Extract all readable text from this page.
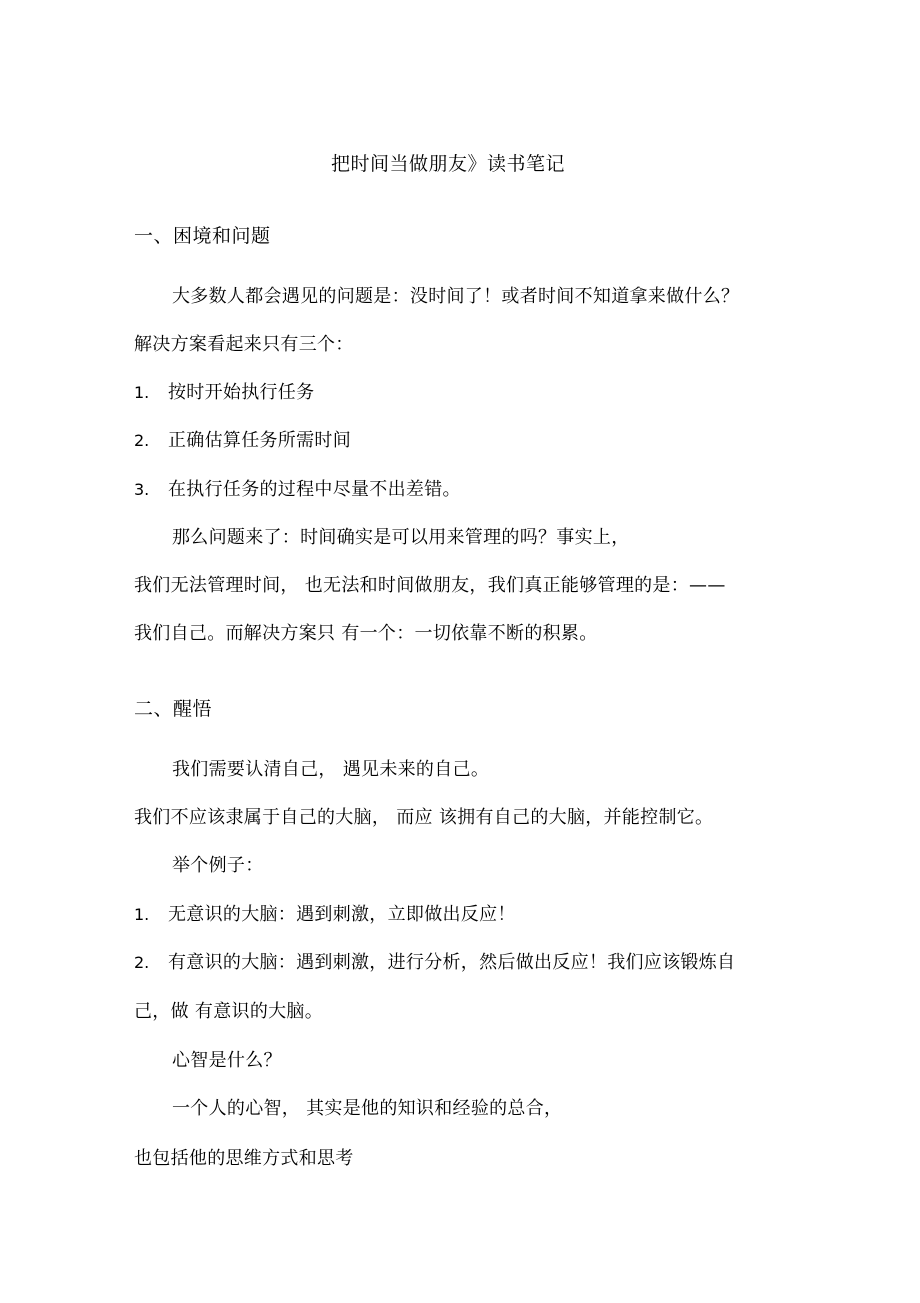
把时间当做朋友》读书笔记

一、困境和问题

大多数人都会遇见的问题是：没时间了！或者时间不知道拿来做什么？

解决方案看起来只有三个：

1. 按时开始执行任务

2. 正确估算任务所需时间

3. 在执行任务的过程中尽量不出差错。

那么问题来了：时间确实是可以用来管理的吗？事实上，

我们无法管理时间， 也无法和时间做朋友，我们真正能够管理的是：——

我们自己。而解决方案只 有一个：一切依靠不断的积累。

二、醒悟

我们需要认清自己， 遇见未来的自己。

我们不应该隶属于自己的大脑， 而应 该拥有自己的大脑，并能控制它。

举个例子：

1. 无意识的大脑：遇到刺激，立即做出反应！

2. 有意识的大脑：遇到刺激，进行分析，然后做出反应！我们应该锻炼自

己，做 有意识的大脑。

心智是什么？

一个人的心智， 其实是他的知识和经验的总合，

也包括他的思维方式和思考
